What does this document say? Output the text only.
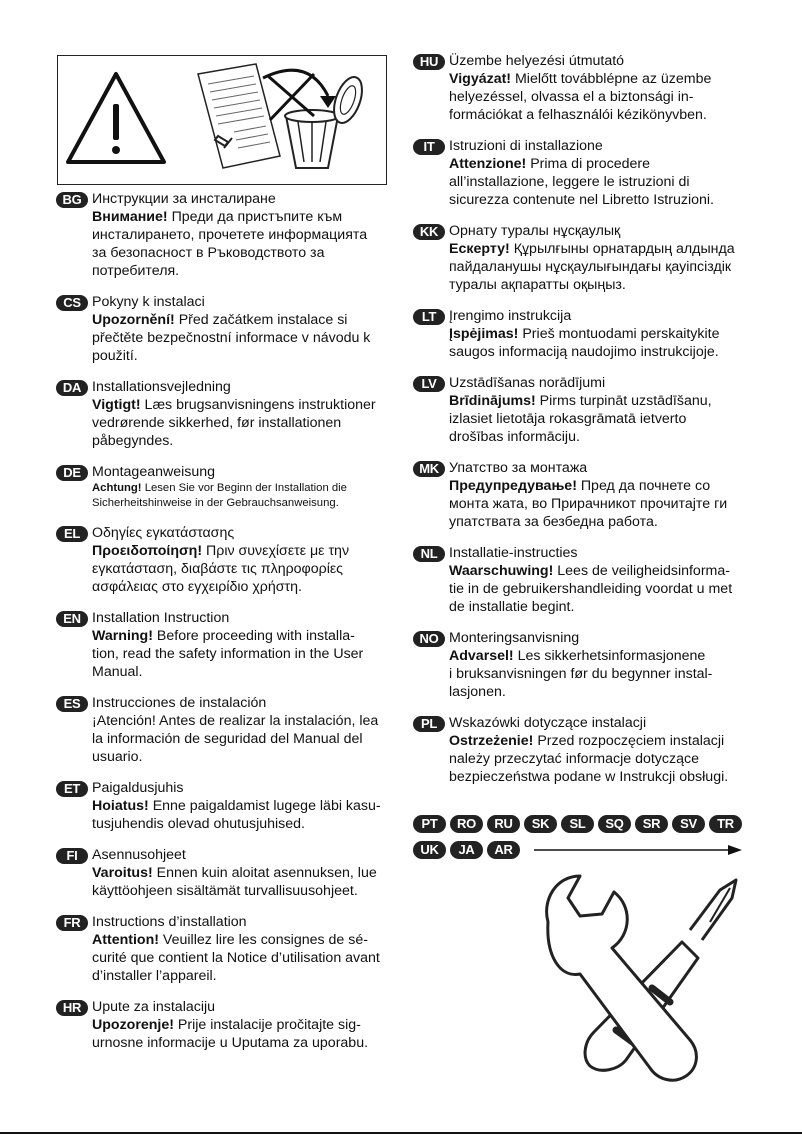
BG Инструкции за инсталиране
Внимание! Преди да пристъпите към
инсталирането, прочетете информацията
за безопасност в Ръководството за
потребителя.
CS Pokyny k instalaci
Upozornění! Před začátkem instalace si
přečtěte bezpečnostní informace v návodu k
použití.
DA Installationsvejledning
Vigtigt! Læs brugsanvisningens instruktioner
vedrørende sikkerhed, før installationen
påbegyndes.
DE Montageanweisung
Achtung! Lesen Sie vor Beginn der Installation die
Sicherheitshinweise in der Gebrauchsanweisung.
EL Οδηγίες εγκατάστασης
Προειδοποίηση! Πριν συνεχίσετε με την
εγκατάσταση, διαβάστε τις πληροφορίες
ασφάλειας στο εγχειρίδιο χρήστη.
EN Installation Instruction
Warning! Before proceeding with installa-
tion, read the safety information in the User
Manual.
ES Instrucciones de instalación
¡Atención! Antes de realizar la instalación, lea
la información de seguridad del Manual del
usuario.
ET Paigaldusjuhis
Hoiatus! Enne paigaldamist lugege läbi kasu-
tusjuhendis olevad ohutusjuhised.
FI	Asennusohjeet
Varoitus! Ennen kuin aloitat asennuksen, lue
käyttöohjeen sisältämät turvallisuusohjeet.
FR Instructions d’installation
Attention! Veuillez lire les consignes de sé-
curité que contient la Notice d’utilisation avant
d’installer l’appareil.
HR Upute za instalaciju
Upozorenje! Prije instalacije pročitajte sig-
urnosne informacije u Uputama za uporabu.
HU Üzembe helyezési útmutató
Vigyázat! Mielőtt továbblépne az üzembe
helyezéssel, olvassa el a biztonsági in-
formációkat a felhasználói kézikönyvben.
IT	Istruzioni di installazione
Attenzione! Prima di procedere
all’installazione, leggere le istruzioni di
sicurezza contenute nel Libretto Istruzioni.
KK Орнату туралы нұсқаулық
Ескерту! Құрылғыны орнатардың алдында
пайдаланушы нұсқаулығындағы қауіпсіздік
туралы ақпаратты оқыңыз.
LT Įrengimo instrukcija
Įspėjimas! Prieš montuodami perskaitykite
saugos informaciją naudojimo instrukcijoje.
LV Uzstādīšanas norādījumi
Brīdinājums! Pirms turpināt uzstādīšanu,
izlasiet lietotāja rokasgrāmatā ietverto
drošības informāciju.
MK Упатство за монтажа
Предупредување! Пред да почнете со
монта жата, во Прирачникот прочитајте ги
упатствата за безбедна работа.
NL Installatie-instructies
Waarschuwing! Lees de veiligheidsinforma-
tie in de gebruikershandleiding voordat u met
de installatie begint.
NO Monteringsanvisning
Advarsel! Les sikkerhetsinformasjonene
i bruksanvisningen før du begynner instal-
lasjonen.
PL Wskazówki dotyczące instalacji
Ostrzeżenie! Przed rozpoczęciem instalacji
należy przeczytać informacje dotyczące
bezpieczeństwa podane w Instrukcji obsługi.
PT	RO	RU	SK	SL	SQ	SR	SV	TR
UK	JA	AR
